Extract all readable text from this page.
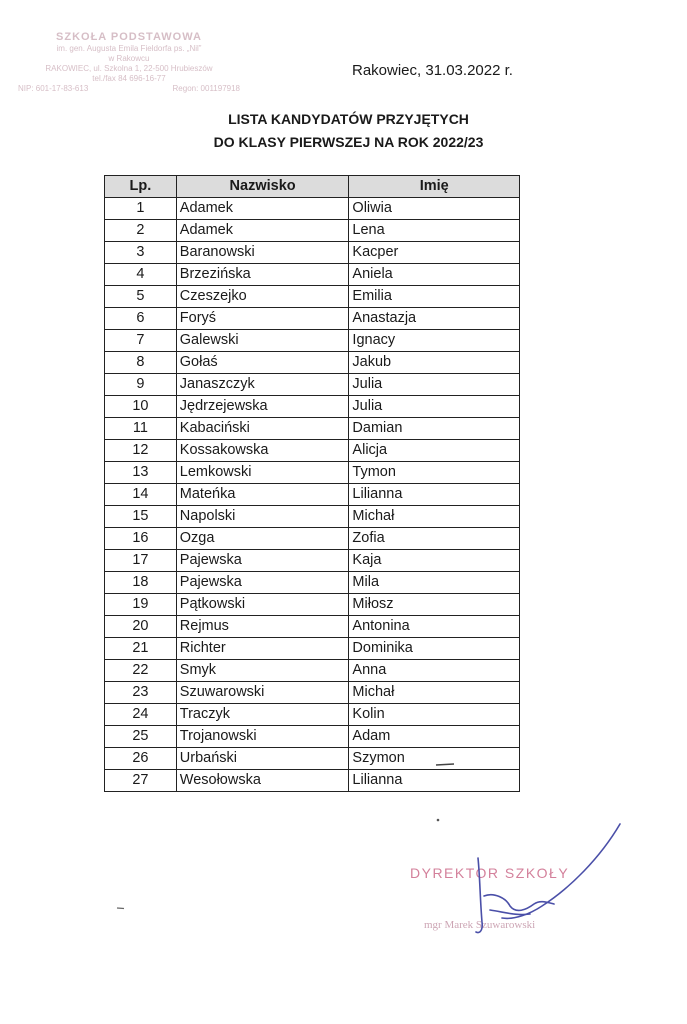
SZKOŁA PODSTAWOWA
im. gen. Augusta Emila Fieldorfa ps. „Nil”
w Rakowcu
RAKOWIEC, ul. Szkolna 1, 22-500 Hrubieszów
tel./fax 84 696-16-77
NIP: 601-17-83-613	Regon: 001197918
Rakowiec, 31.03.2022 r.
LISTA KANDYDATÓW PRZYJĘTYCH
DO KLASY PIERWSZEJ NA ROK 2022/23
Lp.	Nazwisko	Imię
1	Adamek	Oliwia
2	Adamek	Lena
3	Baranowski	Kacper
4	Brzezińska	Aniela
5	Czeszejko	Emilia
6	Foryś	Anastazja
7	Galewski	Ignacy
8	Gołaś	Jakub
9	Janaszczyk	Julia
10	Jędrzejewska	Julia
11	Kabaciński	Damian
12	Kossakowska	Alicja
13	Lemkowski	Tymon
14	Mateńka	Lilianna
15	Napolski	Michał
16	Ozga	Zofia
17	Pajewska	Kaja
18	Pajewska	Mila
19	Pątkowski	Miłosz
20	Rejmus	Antonina
21	Richter	Dominika
22	Smyk	Anna
23	Szuwarowski	Michał
24	Traczyk	Kolin
25	Trojanowski	Adam
26	Urbański	Szymon
27	Wesołowska	Lilianna
DYREKTOR SZKOŁY
mgr Marek Szuwarowski
